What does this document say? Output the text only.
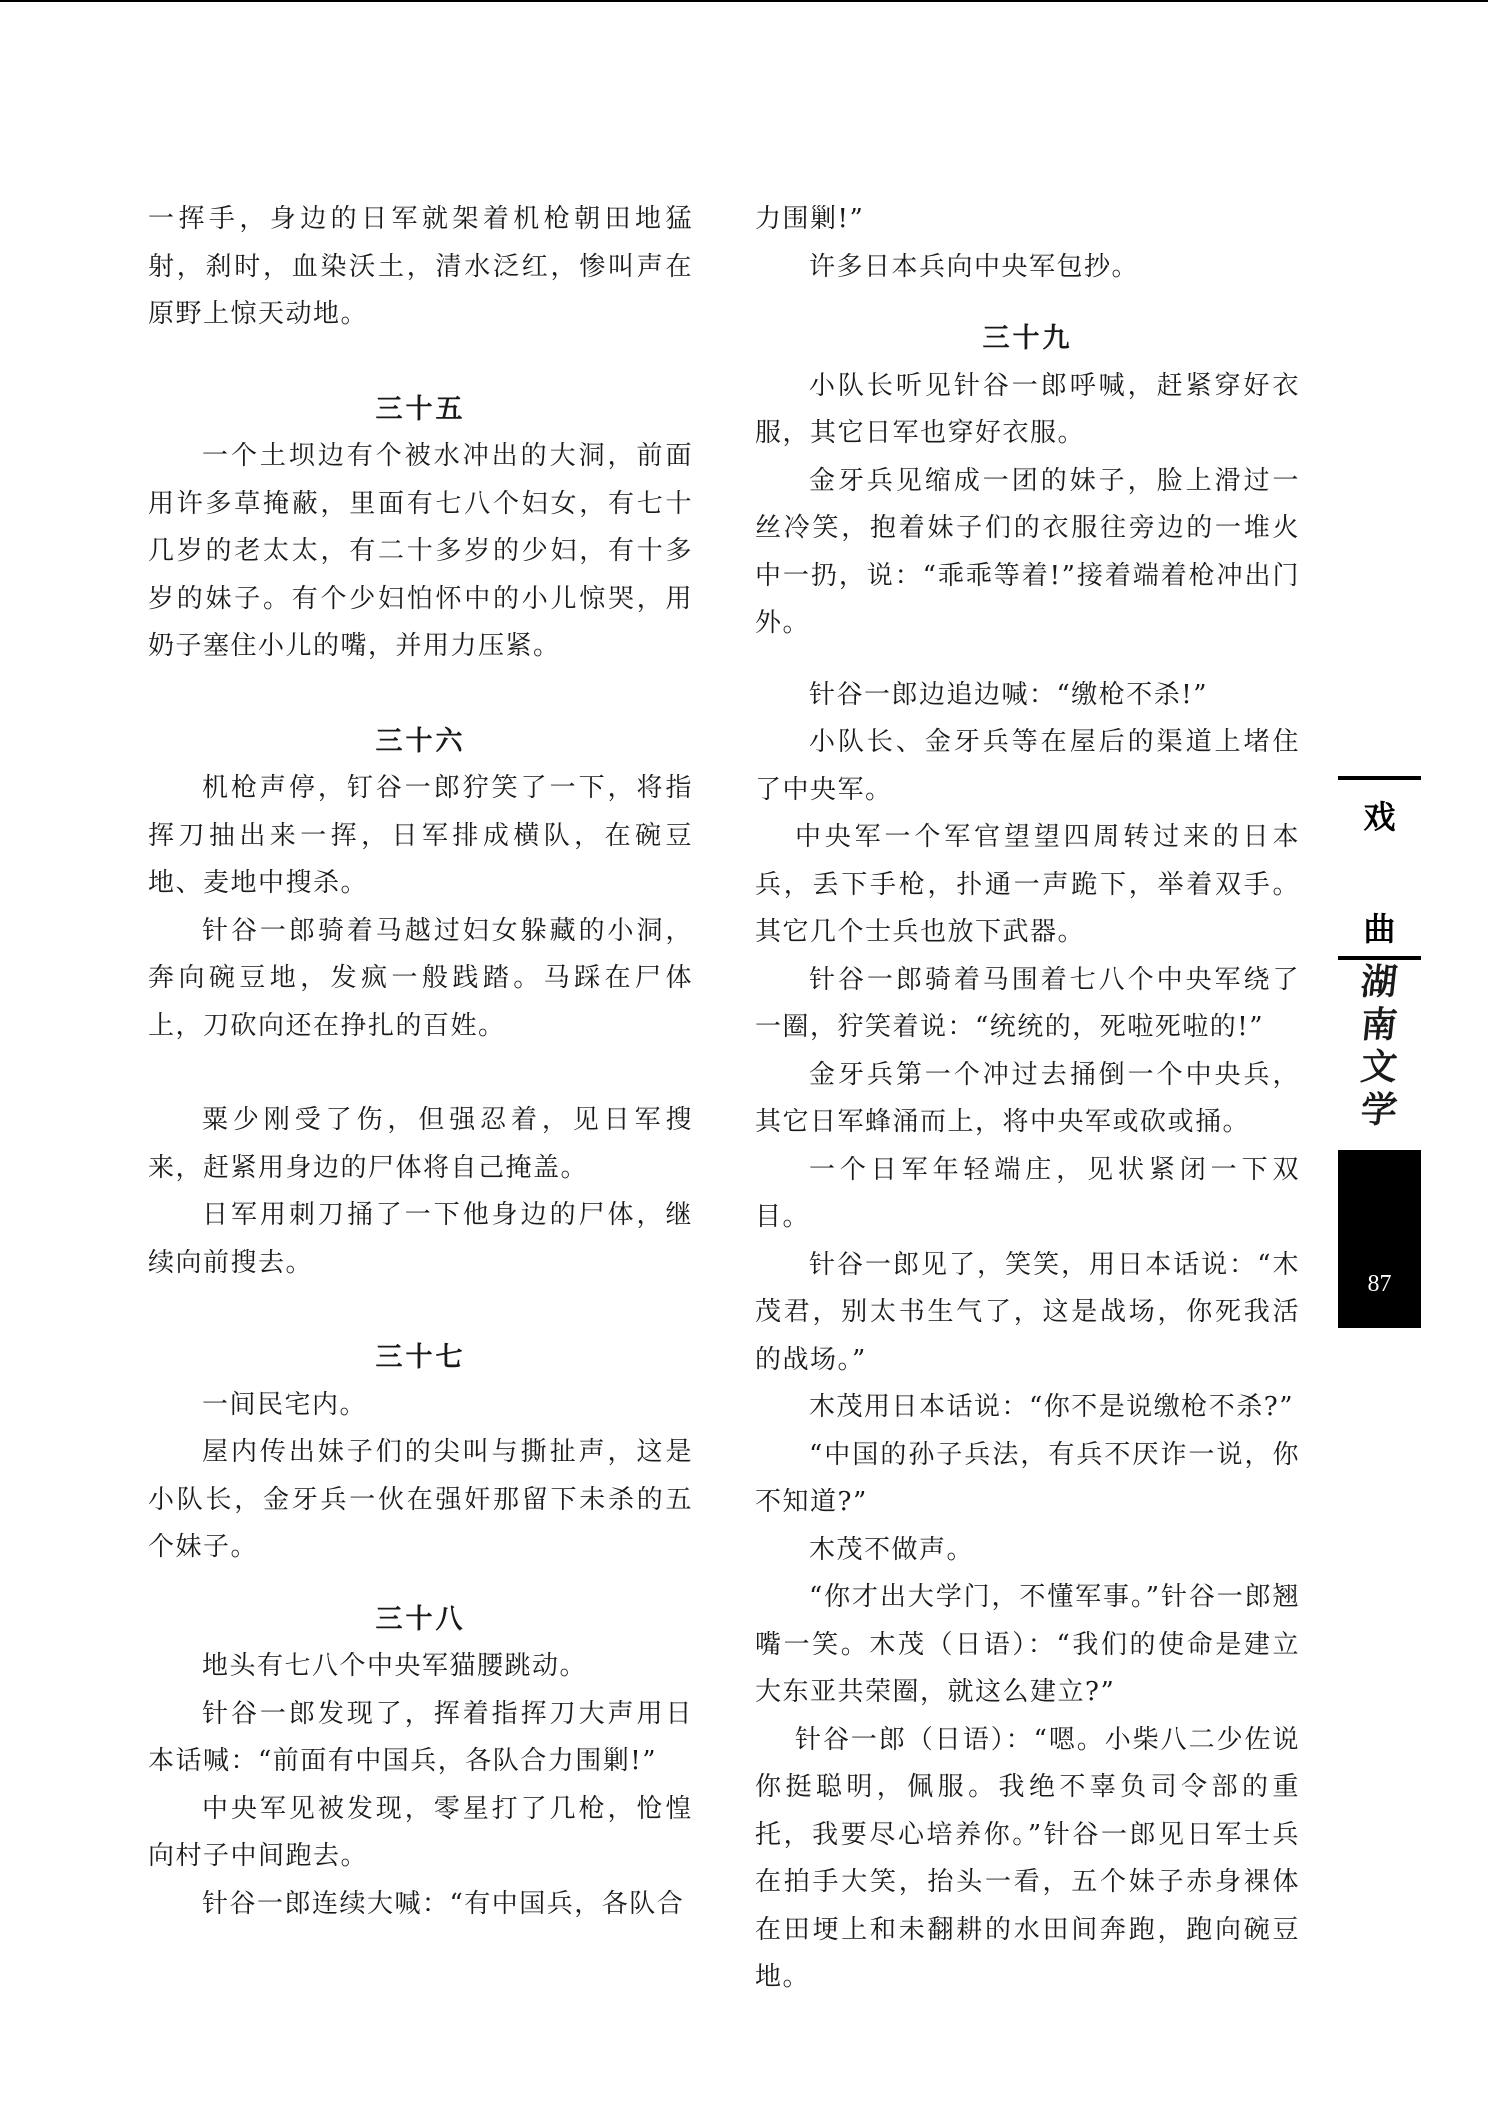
一挥手，身边的日军就架着机枪朝田地猛射，刹时，血染沃土，清水泛红，惨叫声在原野上惊天动地。

三十五

一个土坝边有个被水冲出的大洞，前面用许多草掩蔽，里面有七八个妇女，有七十几岁的老太太，有二十多岁的少妇，有十多岁的妹子。有个少妇怕怀中的小儿惊哭，用奶子塞住小儿的嘴，并用力压紧。

三十六

机枪声停，钉谷一郎狞笑了一下，将指挥刀抽出来一挥，日军排成横队，在碗豆地、麦地中搜杀。

针谷一郎骑着马越过妇女躲藏的小洞，奔向碗豆地，发疯一般践踏。马踩在尸体上，刀砍向还在挣扎的百姓。

粟少刚受了伤，但强忍着，见日军搜来，赶紧用身边的尸体将自己掩盖。

日军用刺刀捅了一下他身边的尸体，继续向前搜去。

三十七

一间民宅内。

屋内传出妹子们的尖叫与撕扯声，这是小队长，金牙兵一伙在强奸那留下未杀的五个妹子。

三十八

地头有七八个中央军猫腰跳动。

针谷一郎发现了，挥着指挥刀大声用日本话喊：“前面有中国兵，各队合力围剿!”

中央军见被发现，零星打了几枪，怆惶向村子中间跑去。

针谷一郎连续大喊：“有中国兵，各队合

力围剿!”

许多日本兵向中央军包抄。

三十九

小队长听见针谷一郎呼喊，赶紧穿好衣服，其它日军也穿好衣服。

金牙兵见缩成一团的妹子，脸上滑过一丝冷笑，抱着妹子们的衣服往旁边的一堆火中一扔，说：“乖乖等着!”接着端着枪冲出门外。

针谷一郎边追边喊：“缴枪不杀!”

小队长、金牙兵等在屋后的渠道上堵住了中央军。

中央军一个军官望望四周转过来的日本兵，丢下手枪，扑通一声跪下，举着双手。其它几个士兵也放下武器。

针谷一郎骑着马围着七八个中央军绕了一圈，狞笑着说：“统统的，死啦死啦的!”

金牙兵第一个冲过去捅倒一个中央兵，其它日军蜂涌而上，将中央军或砍或捅。

一个日军年轻端庄，见状紧闭一下双目。

针谷一郎见了，笑笑，用日本话说：“木茂君，别太书生气了，这是战场，你死我活的战场。”

木茂用日本话说：“你不是说缴枪不杀?”

“中国的孙子兵法，有兵不厌诈一说，你不知道?”

木茂不做声。

“你才出大学门，不懂军事。”针谷一郎翘嘴一笑。木茂（日语）：“我们的使命是建立大东亚共荣圈，就这么建立?”

针谷一郎（日语）：“嗯。小柴八二少佐说你挺聪明，佩服。我绝不辜负司令部的重托，我要尽心培养你。”针谷一郎见日军士兵在拍手大笑，抬头一看，五个妹子赤身裸体在田埂上和未翻耕的水田间奔跑，跑向碗豆地。

戏
曲
湖
南
文
学
87
